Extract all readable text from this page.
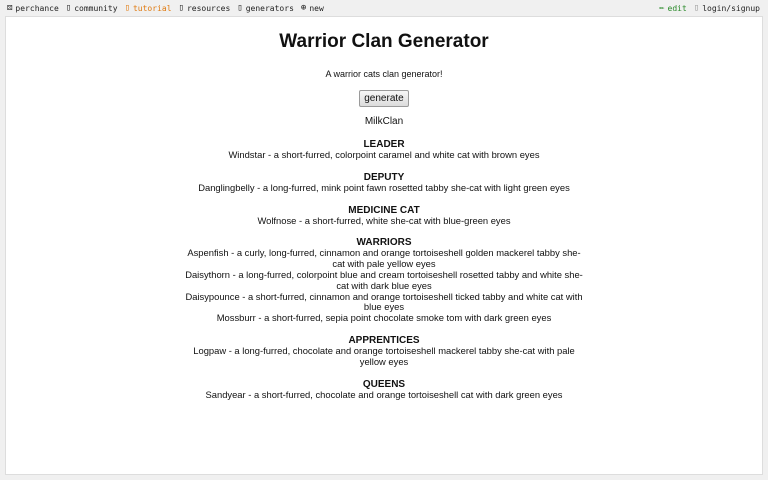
⚄ perchance ▯ community ▯ tutorial ▯ resources ▯ generators ⊕ new	✏ edit ▯ login/signup
Warrior Clan Generator
A warrior cats clan generator!
generate
MilkClan
LEADER
Windstar - a short-furred, colorpoint caramel and white cat with brown eyes
DEPUTY
Danglingbelly - a long-furred, mink point fawn rosetted tabby she-cat with light green eyes
MEDICINE CAT
Wolfnose - a short-furred, white she-cat with blue-green eyes
WARRIORS
Aspenfish - a curly, long-furred, cinnamon and orange tortoiseshell golden mackerel tabby she-cat with pale yellow eyes
Daisythorn - a long-furred, colorpoint blue and cream tortoiseshell rosetted tabby and white she-cat with dark blue eyes
Daisypounce - a short-furred, cinnamon and orange tortoiseshell ticked tabby and white cat with blue eyes
Mossburr - a short-furred, sepia point chocolate smoke tom with dark green eyes
APPRENTICES
Logpaw - a long-furred, chocolate and orange tortoiseshell mackerel tabby she-cat with pale yellow eyes
QUEENS
Sandyear - a short-furred, chocolate and orange tortoiseshell cat with dark green eyes
